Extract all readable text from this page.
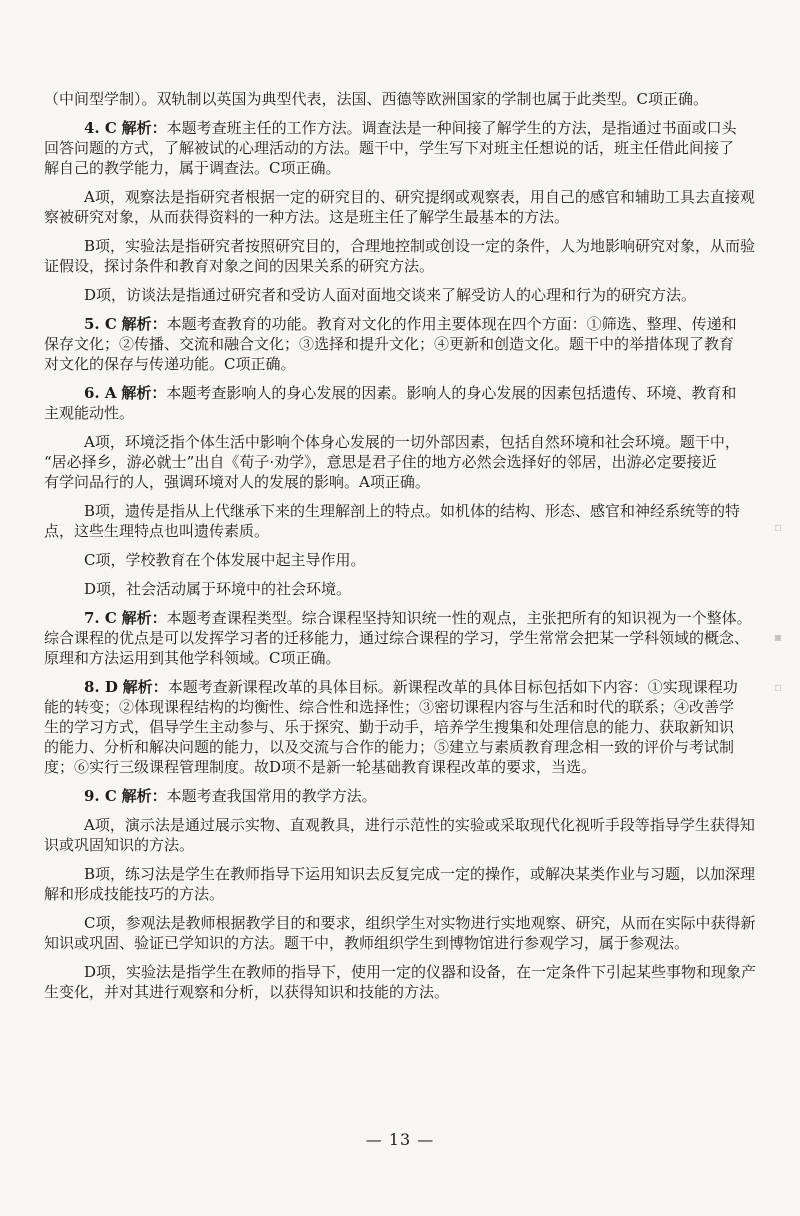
（中间型学制）。双轨制以英国为典型代表，法国、西德等欧洲国家的学制也属于此类型。C项正确。
4. C 解析：本题考查班主任的工作方法。调查法是一种间接了解学生的方法，是指通过书面或口头
回答问题的方式，了解被试的心理活动的方法。题干中，学生写下对班主任想说的话，班主任借此间接了
解自己的教学能力，属于调查法。C项正确。
A项，观察法是指研究者根据一定的研究目的、研究提纲或观察表，用自己的感官和辅助工具去直接观
察被研究对象，从而获得资料的一种方法。这是班主任了解学生最基本的方法。
B项，实验法是指研究者按照研究目的，合理地控制或创设一定的条件，人为地影响研究对象，从而验
证假设，探讨条件和教育对象之间的因果关系的研究方法。
D项，访谈法是指通过研究者和受访人面对面地交谈来了解受访人的心理和行为的研究方法。
5. C 解析：本题考查教育的功能。教育对文化的作用主要体现在四个方面：①筛选、整理、传递和
保存文化；②传播、交流和融合文化；③选择和提升文化；④更新和创造文化。题干中的举措体现了教育
对文化的保存与传递功能。C项正确。
6. A 解析：本题考查影响人的身心发展的因素。影响人的身心发展的因素包括遗传、环境、教育和
主观能动性。
A项，环境泛指个体生活中影响个体身心发展的一切外部因素，包括自然环境和社会环境。题干中，
“居必择乡，游必就士”出自《荀子·劝学》，意思是君子住的地方必然会选择好的邻居，出游必定要接近
有学问品行的人，强调环境对人的发展的影响。A项正确。
B项，遗传是指从上代继承下来的生理解剖上的特点。如机体的结构、形态、感官和神经系统等的特
点，这些生理特点也叫遗传素质。
C项，学校教育在个体发展中起主导作用。
D项，社会活动属于环境中的社会环境。
7. C 解析：本题考查课程类型。综合课程坚持知识统一性的观点，主张把所有的知识视为一个整体。
综合课程的优点是可以发挥学习者的迁移能力，通过综合课程的学习，学生常常会把某一学科领域的概念、
原理和方法运用到其他学科领域。C项正确。
8. D 解析：本题考查新课程改革的具体目标。新课程改革的具体目标包括如下内容：①实现课程功
能的转变；②体现课程结构的均衡性、综合性和选择性；③密切课程内容与生活和时代的联系；④改善学
生的学习方式，倡导学生主动参与、乐于探究、勤于动手，培养学生搜集和处理信息的能力、获取新知识
的能力、分析和解决问题的能力，以及交流与合作的能力；⑤建立与素质教育理念相一致的评价与考试制
度；⑥实行三级课程管理制度。故D项不是新一轮基础教育课程改革的要求，当选。
9. C 解析：本题考查我国常用的教学方法。
A项，演示法是通过展示实物、直观教具，进行示范性的实验或采取现代化视听手段等指导学生获得知
识或巩固知识的方法。
B项，练习法是学生在教师指导下运用知识去反复完成一定的操作，或解决某类作业与习题，以加深理
解和形成技能技巧的方法。
C项，参观法是教师根据教学目的和要求，组织学生对实物进行实地观察、研究，从而在实际中获得新
知识或巩固、验证已学知识的方法。题干中，教师组织学生到博物馆进行参观学习，属于参观法。
D项，实验法是指学生在教师的指导下，使用一定的仪器和设备，在一定条件下引起某些事物和现象产
生变化，并对其进行观察和分析，以获得知识和技能的方法。
— 13 —
▫
▪
▫
